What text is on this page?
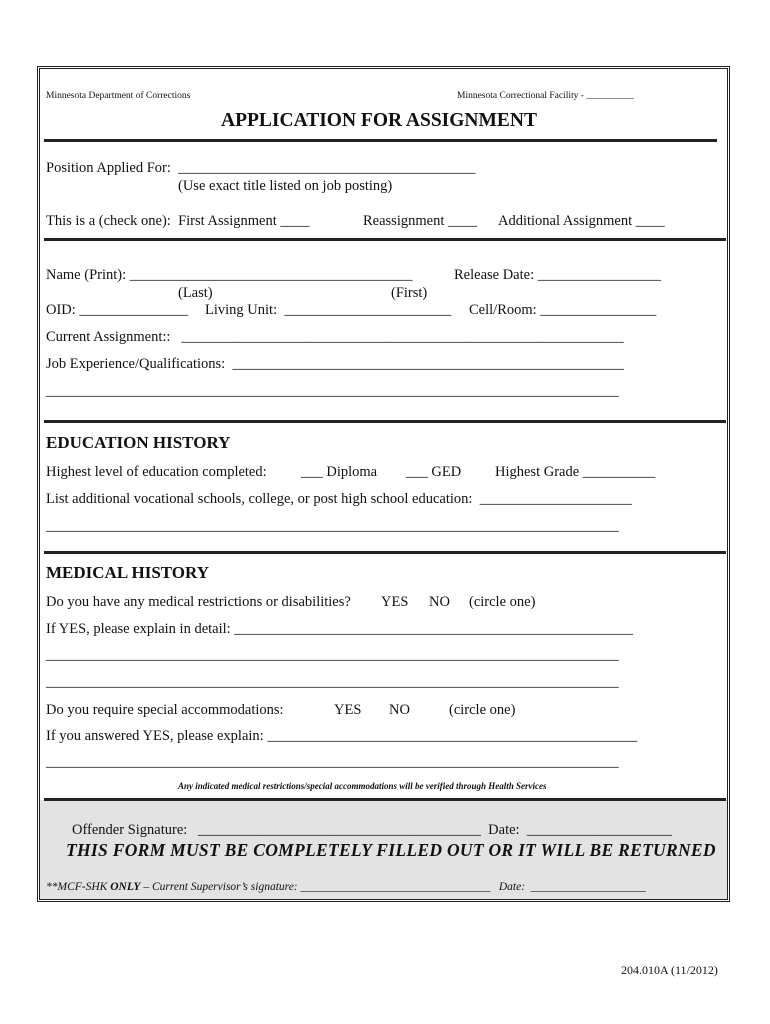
Minnesota Department of Corrections	Minnesota Correctional Facility - __________
APPLICATION FOR ASSIGNMENT
Position Applied For:  _________________________________________
(Use exact title listed on job posting)
This is a (check one):  First Assignment ____	Reassignment ____ Additional Assignment ____
Name (Print): _______________________________________	Release Date: _________________
(Last)	(First)
OID: _______________ Living Unit:  _______________________ Cell/Room: ________________
Current Assignment::   _____________________________________________________________
Job Experience/Qualifications:  ______________________________________________________
_______________________________________________________________________________
EDUCATION HISTORY
Highest level of education completed: ___ Diploma ___ GED Highest Grade __________
List additional vocational schools, college, or post high school education:  _____________________
_______________________________________________________________________________
MEDICAL HISTORY
Do you have any medical restrictions or disabilities? YES NO (circle one)
If YES, please explain in detail: _______________________________________________________
_______________________________________________________________________________
_______________________________________________________________________________
Do you require special accommodations:	YES NO	(circle one)
If you answered YES, please explain: ___________________________________________________
_______________________________________________________________________________
Any indicated medical restrictions/special accommodations will be verified through Health Services
Offender Signature:   _______________________________________  Date:  ____________________
THIS FORM MUST BE COMPLETELY FILLED OUT OR IT WILL BE RETURNED
**MCF-SHK ONLY – Current Supervisor’s signature: _________________________________   Date:  ____________________
204.010A (11/2012)
